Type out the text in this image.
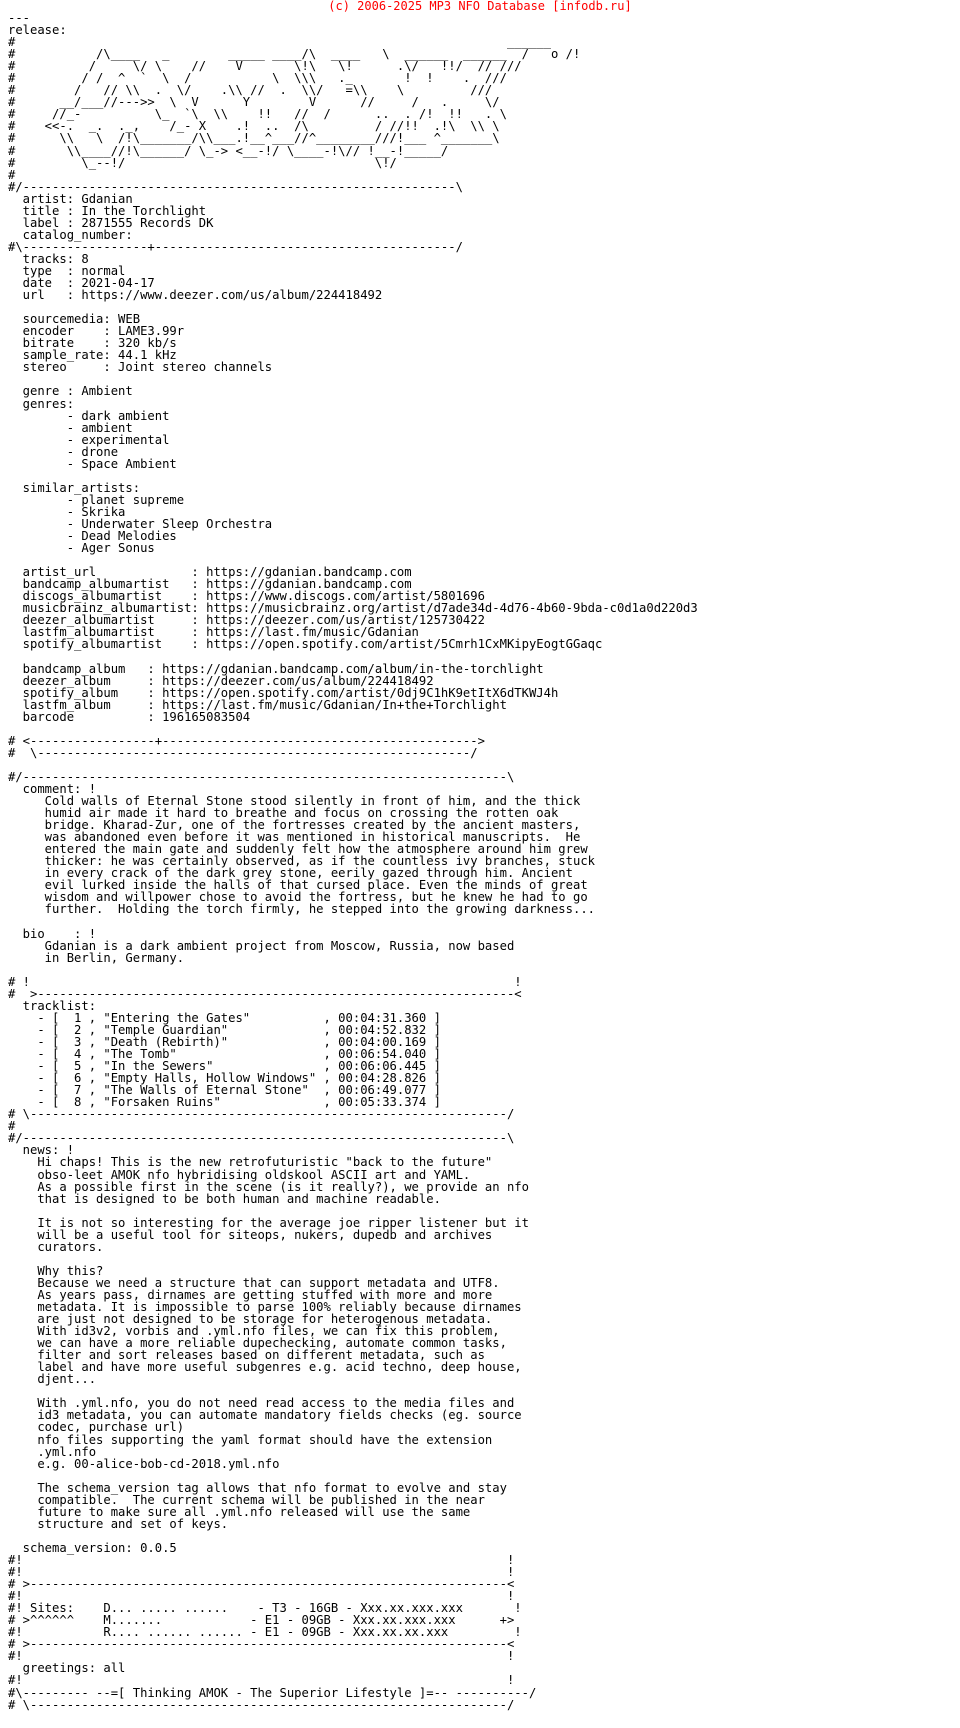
(c) 2006-2025 MP3 NFO Database [infodb.ru]
---
release:
#                                                                   ______
#           /\____   _        _____ ____/\  ____   \  ______  ______  /   o /!
#          /     \/ \    //    V       \!\   \!      .\/   !!/  // ///
#         / /  ^  `  \  /           \  \\\   ._       !  !    .  ///
#        /   // \\  .  \/    .\\ //  .  \\/   =\\    \         ///
#      __/___//--->>  \  V      Y        V      //     /   .     \/
#     //_-          \_  `\  \\    !!   //  /      ..  . /!  !!   . \
#    <<-.  _.  ._,    /_- X    .!  ..  /\         / //!!  .!\  \\ \
#      \\   \  /!\_______/\\___.!__^___//^________///!___ ^_______\
#       \\____//!\______/ \_-> <__-!/ \____-!\// !__-!_____/
#         \_--!/                                  \!/
#
#/-----------------------------------------------------------\
artist: Gdanian
title : In the Torchlight
label : 2871555 Records DK
catalog_number:
#\-----------------+-----------------------------------------/
tracks: 8
type  : normal
date  : 2021-04-17
url   : https://www.deezer.com/us/album/224418492

sourcemedia: WEB
encoder    : LAME3.99r
bitrate    : 320 kb/s
sample_rate: 44.1 kHz
stereo     : Joint stereo channels

genre : Ambient
genres:
- dark ambient
- ambient
- experimental
- drone
- Space Ambient

similar_artists:
- planet supreme
- Skrika
- Underwater Sleep Orchestra
- Dead Melodies
- Ager Sonus

artist_url             : https://gdanian.bandcamp.com
bandcamp_albumartist   : https://gdanian.bandcamp.com
discogs_albumartist    : https://www.discogs.com/artist/5801696
musicbrainz_albumartist: https://musicbrainz.org/artist/d7ade34d-4d76-4b60-9bda-c0d1a0d220d3
deezer_albumartist     : https://deezer.com/us/artist/125730422
lastfm_albumartist     : https://last.fm/music/Gdanian
spotify_albumartist    : https://open.spotify.com/artist/5Cmrh1CxMKipyEogtGGaqc

bandcamp_album   : https://gdanian.bandcamp.com/album/in-the-torchlight
deezer_album     : https://deezer.com/us/album/224418492
spotify_album    : https://open.spotify.com/artist/0dj9C1hK9etItX6dTKWJ4h
lastfm_album     : https://last.fm/music/Gdanian/In+the+Torchlight
barcode          : 196165083504

# <-----------------+------------------------------------------->
#  \-----------------------------------------------------------/

#/------------------------------------------------------------------\
comment: !
Cold walls of Eternal Stone stood silently in front of him, and the thick
humid air made it hard to breathe and focus on crossing the rotten oak
bridge. Kharad-Zur, one of the fortresses created by the ancient masters,
was abandoned even before it was mentioned in historical manuscripts.  He
entered the main gate and suddenly felt how the atmosphere around him grew
thicker: he was certainly observed, as if the countless ivy branches, stuck
in every crack of the dark grey stone, eerily gazed through him. Ancient
evil lurked inside the halls of that cursed place. Even the minds of great
wisdom and willpower chose to avoid the fortress, but he knew he had to go
further.  Holding the torch firmly, he stepped into the growing darkness...

bio    : !
Gdanian is a dark ambient project from Moscow, Russia, now based
in Berlin, Germany.

# !                                                                  !
#  >-----------------------------------------------------------------<
tracklist:
- [  1 , "Entering the Gates"          , 00:04:31.360 ]
- [  2 , "Temple Guardian"             , 00:04:52.832 ]
- [  3 , "Death (Rebirth)"             , 00:04:00.169 ]
- [  4 , "The Tomb"                    , 00:06:54.040 ]
- [  5 , "In the Sewers"               , 00:06:06.445 ]
- [  6 , "Empty Halls, Hollow Windows" , 00:04:28.826 ]
- [  7 , "The Walls of Eternal Stone"  , 00:06:49.077 ]
- [  8 , "Forsaken Ruins"              , 00:05:33.374 ]
# \-----------------------------------------------------------------/
#
#/------------------------------------------------------------------\
news: !
Hi chaps! This is the new retrofuturistic "back to the future"
obso-leet AMOK nfo hybridising oldskool ASCII art and YAML.
As a possible first in the scene (is it really?), we provide an nfo
that is designed to be both human and machine readable.

It is not so interesting for the average joe ripper listener but it
will be a useful tool for siteops, nukers, dupedb and archives
curators.

Why this?
Because we need a structure that can support metadata and UTF8.
As years pass, dirnames are getting stuffed with more and more
metadata. It is impossible to parse 100% reliably because dirnames
are just not designed to be storage for heterogenous metadata.
With id3v2, vorbis and .yml.nfo files, we can fix this problem,
we can have a more reliable dupechecking, automate common tasks,
filter and sort releases based on different metadata, such as
label and have more useful subgenres e.g. acid techno, deep house,
djent...

With .yml.nfo, you do not need read access to the media files and
id3 metadata, you can automate mandatory fields checks (eg. source
codec, purchase url)
nfo files supporting the yaml format should have the extension
.yml.nfo
e.g. 00-alice-bob-cd-2018.yml.nfo

The schema_version tag allows that nfo format to evolve and stay
compatible.  The current schema will be published in the near
future to make sure all .yml.nfo released will use the same
structure and set of keys.

schema_version: 0.0.5
#!                                                                  !
#!                                                                  !
# >-----------------------------------------------------------------<
#!                                                                  !
#! Sites:    D... ..... ......    - T3 - 16GB - Xxx.xx.xxx.xxx       !
# >^^^^^^    M.......            - E1 - 09GB - Xxx.xx.xxx.xxx      +>
#!           R.... ...... ...... - E1 - 09GB - Xxx.xx.xx.xxx         !
# >-----------------------------------------------------------------<
#!                                                                  !
greetings: all
#!                                                                  !
#\--------- --=[ Thinking AMOK - The Superior Lifestyle ]=-- ----------/
# \-----------------------------------------------------------------/
